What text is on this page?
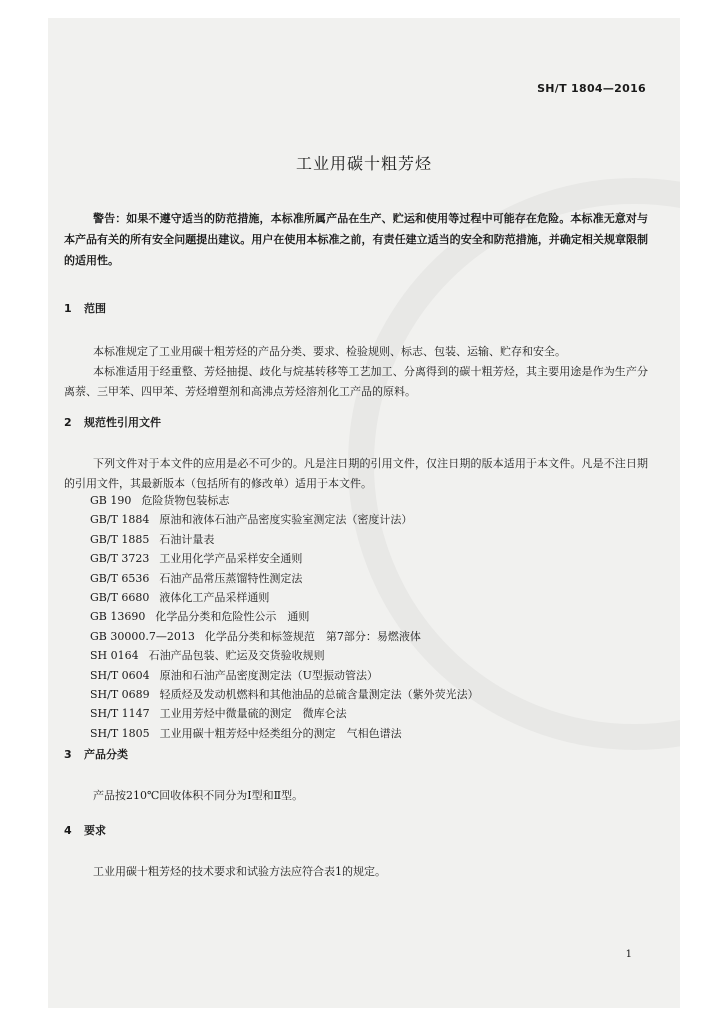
SH/T 1804—2016
工业用碳十粗芳烃
警告：如果不遵守适当的防范措施，本标准所属产品在生产、贮运和使用等过程中可能存在危险。本标准无意对与本产品有关的所有安全问题提出建议。用户在使用本标准之前，有责任建立适当的安全和防范措施，并确定相关规章限制的适用性。
1 范围
本标准规定了工业用碳十粗芳烃的产品分类、要求、检验规则、标志、包装、运输、贮存和安全。
本标准适用于经重整、芳烃抽提、歧化与烷基转移等工艺加工、分离得到的碳十粗芳烃，其主要用途是作为生产分离萘、三甲苯、四甲苯、芳烃增塑剂和高沸点芳烃溶剂化工产品的原料。
2 规范性引用文件
下列文件对于本文件的应用是必不可少的。凡是注日期的引用文件，仅注日期的版本适用于本文件。凡是不注日期的引用文件，其最新版本（包括所有的修改单）适用于本文件。
GB 190 危险货物包装标志
GB/T 1884 原油和液体石油产品密度实验室测定法（密度计法）
GB/T 1885 石油计量表
GB/T 3723 工业用化学产品采样安全通则
GB/T 6536 石油产品常压蒸馏特性测定法
GB/T 6680 液体化工产品采样通则
GB 13690 化学品分类和危险性公示　通则
GB 30000.7—2013 化学品分类和标签规范　第7部分：易燃液体
SH 0164 石油产品包装、贮运及交货验收规则
SH/T 0604 原油和石油产品密度测定法（U型振动管法）
SH/T 0689 轻质烃及发动机燃料和其他油品的总硫含量测定法（紫外荧光法）
SH/T 1147 工业用芳烃中微量硫的测定　微库仑法
SH/T 1805 工业用碳十粗芳烃中烃类组分的测定　气相色谱法
3 产品分类
产品按210℃回收体积不同分为Ⅰ型和Ⅱ型。
4 要求
工业用碳十粗芳烃的技术要求和试验方法应符合表1的规定。
1
